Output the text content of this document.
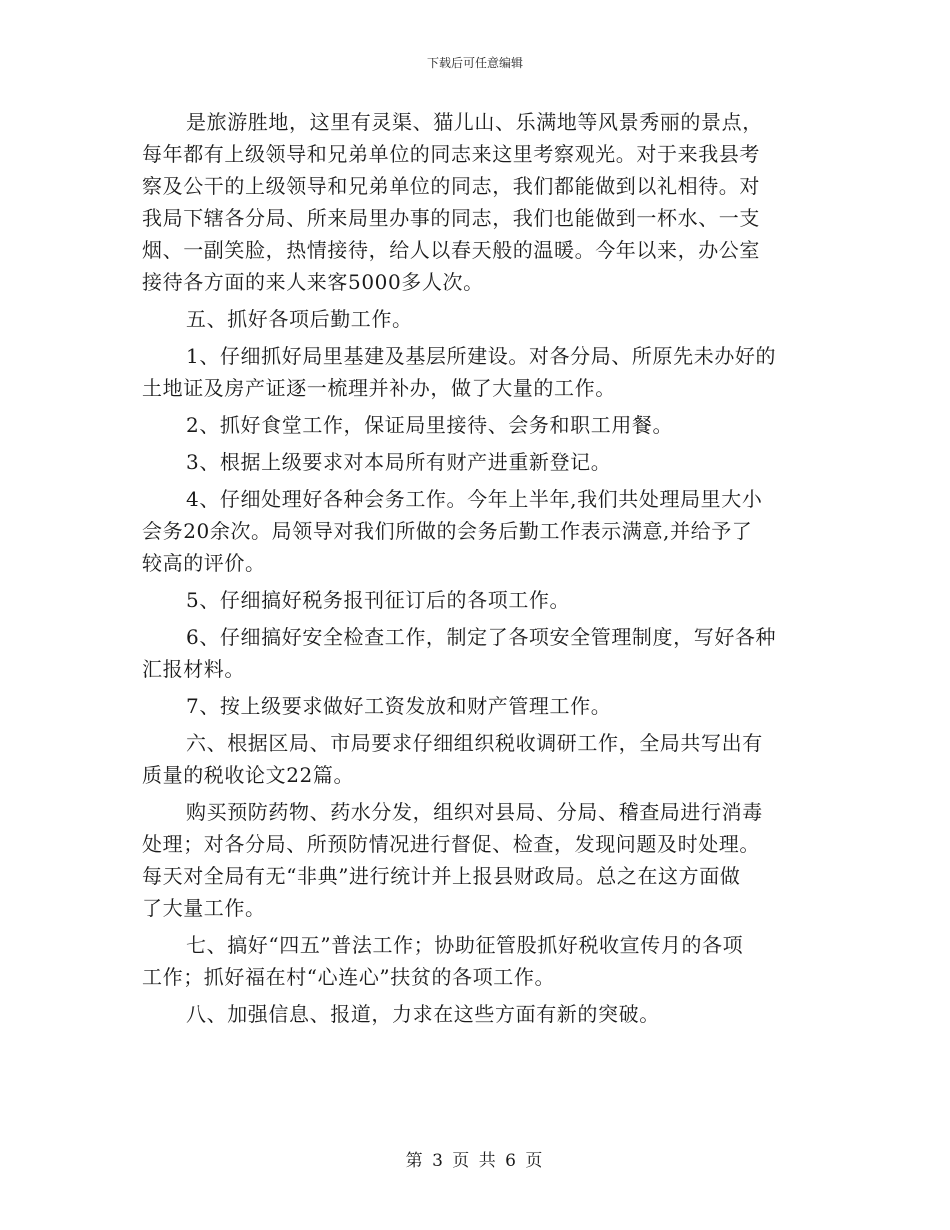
下载后可任意编辑

是旅游胜地，这里有灵渠、猫儿山、乐满地等风景秀丽的景点，
每年都有上级领导和兄弟单位的同志来这里考察观光。对于来我县考
察及公干的上级领导和兄弟单位的同志，我们都能做到以礼相待。对
我局下辖各分局、所来局里办事的同志，我们也能做到一杯水、一支
烟、一副笑脸，热情接待，给人以春天般的温暖。今年以来，办公室
接待各方面的来人来客5000多人次。

五、抓好各项后勤工作。

1、仔细抓好局里基建及基层所建设。对各分局、所原先未办好的
土地证及房产证逐一梳理并补办，做了大量的工作。

2、抓好食堂工作，保证局里接待、会务和职工用餐。

3、根据上级要求对本局所有财产进重新登记。

4、仔细处理好各种会务工作。今年上半年,我们共处理局里大小
会务20余次。局领导对我们所做的会务后勤工作表示满意,并给予了
较高的评价。

5、仔细搞好税务报刊征订后的各项工作。

6、仔细搞好安全检查工作，制定了各项安全管理制度，写好各种
汇报材料。

7、按上级要求做好工资发放和财产管理工作。

六、根据区局、市局要求仔细组织税收调研工作，全局共写出有
质量的税收论文22篇。

购买预防药物、药水分发，组织对县局、分局、稽查局进行消毒
处理；对各分局、所预防情况进行督促、检查，发现问题及时处理。
每天对全局有无“非典”进行统计并上报县财政局。总之在这方面做
了大量工作。

七、搞好“四五”普法工作；协助征管股抓好税收宣传月的各项
工作；抓好福在村“心连心”扶贫的各项工作。

八、加强信息、报道，力求在这些方面有新的突破。

第 3 页 共 6 页
